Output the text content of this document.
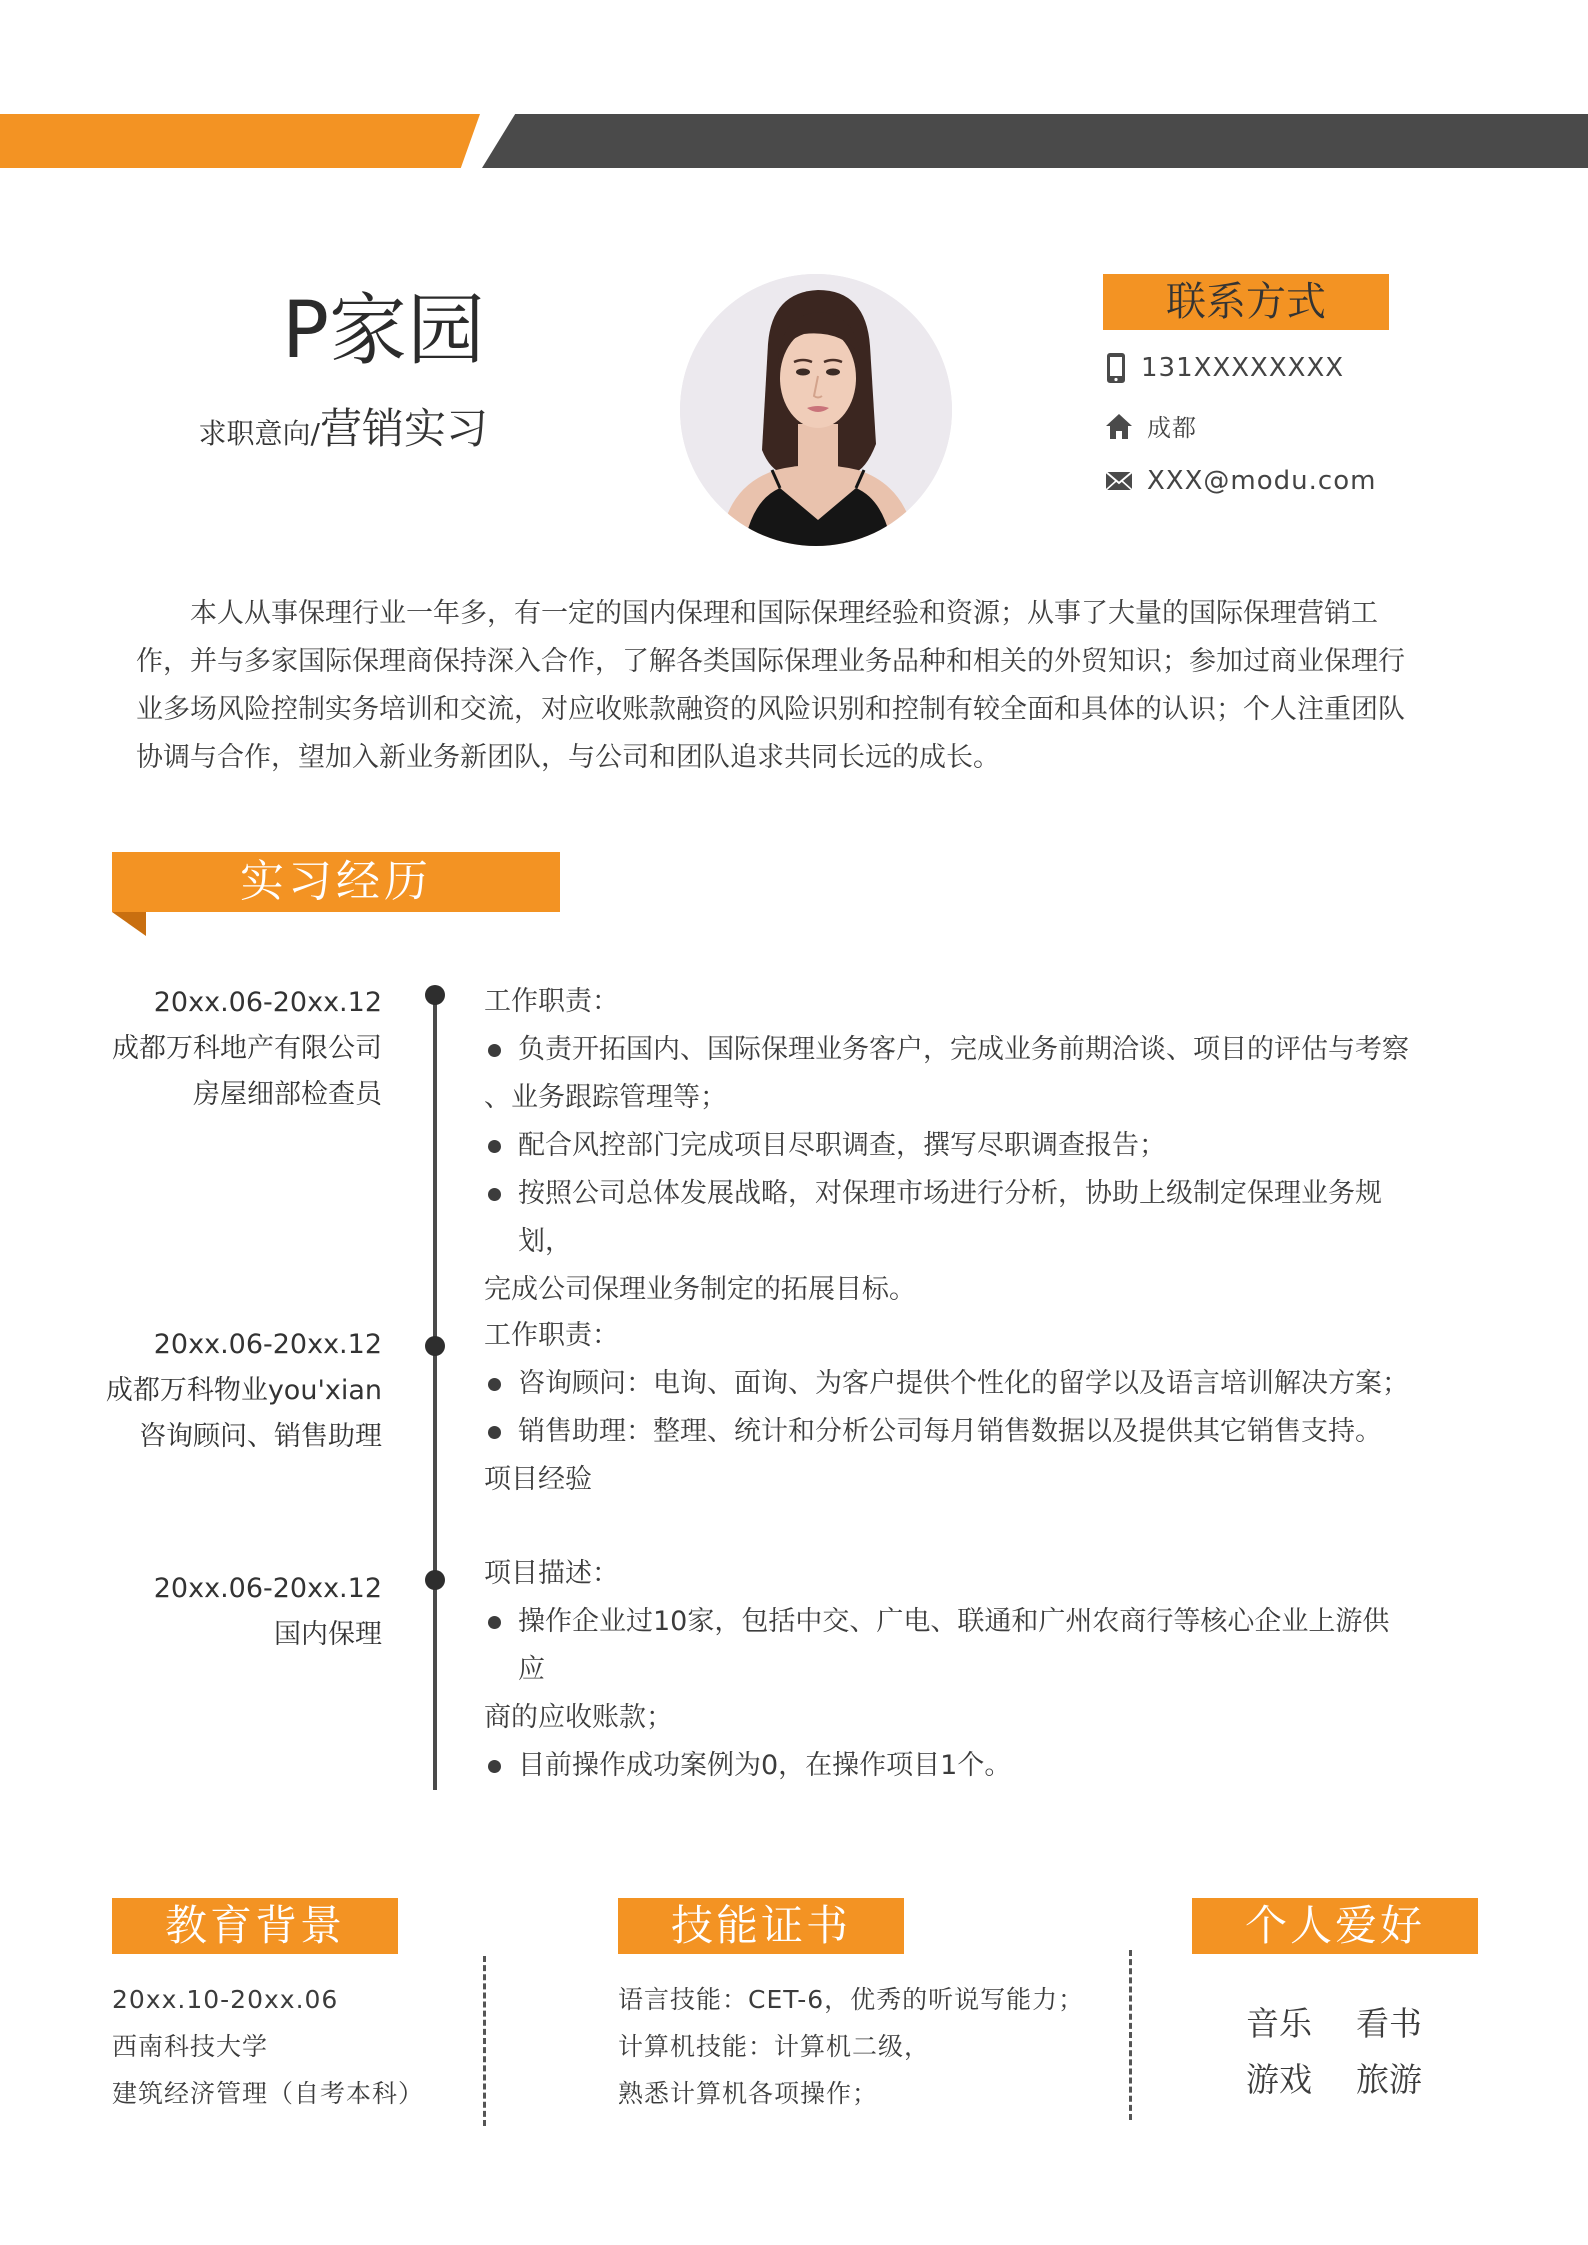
P家园
求职意向/营销实习
联系方式
131XXXXXXXX
成都
XXX@modu.com
本人从事保理行业一年多，有一定的国内保理和国际保理经验和资源；从事了大量的国际保理营销工作，并与多家国际保理商保持深入合作，了解各类国际保理业务品种和相关的外贸知识；参加过商业保理行业多场风险控制实务培训和交流，对应收账款融资的风险识别和控制有较全面和具体的认识；个人注重团队协调与合作，望加入新业务新团队，与公司和团队追求共同长远的成长。
实习经历
20xx.06-20xx.12
成都万科地产有限公司
房屋细部检查员
工作职责：
负责开拓国内、国际保理业务客户，完成业务前期洽谈、项目的评估与考察
、业务跟踪管理等；
配合风控部门完成项目尽职调查，撰写尽职调查报告；
按照公司总体发展战略，对保理市场进行分析，协助上级制定保理业务规划，
完成公司保理业务制定的拓展目标。
20xx.06-20xx.12
成都万科物业you'xian
咨询顾问、销售助理
工作职责：
咨询顾问：电询、面询、为客户提供个性化的留学以及语言培训解决方案；
销售助理：整理、统计和分析公司每月销售数据以及提供其它销售支持。
项目经验
20xx.06-20xx.12
国内保理
项目描述：
操作企业过10家，包括中交、广电、联通和广州农商行等核心企业上游供应
商的应收账款；
目前操作成功案例为0，在操作项目1个。
教育背景
20xx.10-20xx.06
西南科技大学
建筑经济管理（自考本科）
技能证书
语言技能：CET-6，优秀的听说写能力；
计算机技能：计算机二级，
熟悉计算机各项操作；
个人爱好
音乐 看书
游戏 旅游
